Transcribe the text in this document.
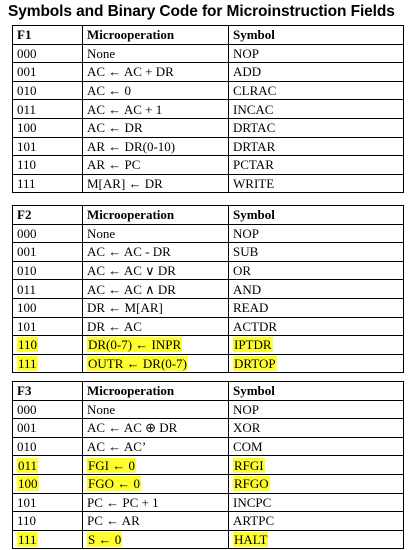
Symbols and Binary Code for Microinstruction Fields
F1	Microoperation	Symbol
000	None	NOP
001	AC ← AC + DR	ADD
010	AC ← 0	CLRAC
011	AC ← AC + 1	INCAC
100	AC ← DR	DRTAC
101	AR ← DR(0-10)	DRTAR
110	AR ← PC	PCTAR
111	M[AR] ← DR	WRITE
F2	Microoperation	Symbol
000	None	NOP
001	AC ← AC - DR	SUB
010	AC ← AC ∨ DR	OR
011	AC ← AC ∧ DR	AND
100	DR ← M[AR]	READ
101	DR ← AC	ACTDR
110	DR(0-7) ← INPR	IPTDR
111	OUTR ← DR(0-7)	DRTOP
F3	Microoperation	Symbol
000	None	NOP
001	AC ← AC ⊕ DR	XOR
010	AC ← AC’	COM
011	FGI ← 0	RFGI
100	FGO ← 0	RFGO
101	PC ← PC + 1	INCPC
110	PC ← AR	ARTPC
111	S ← 0	HALT
